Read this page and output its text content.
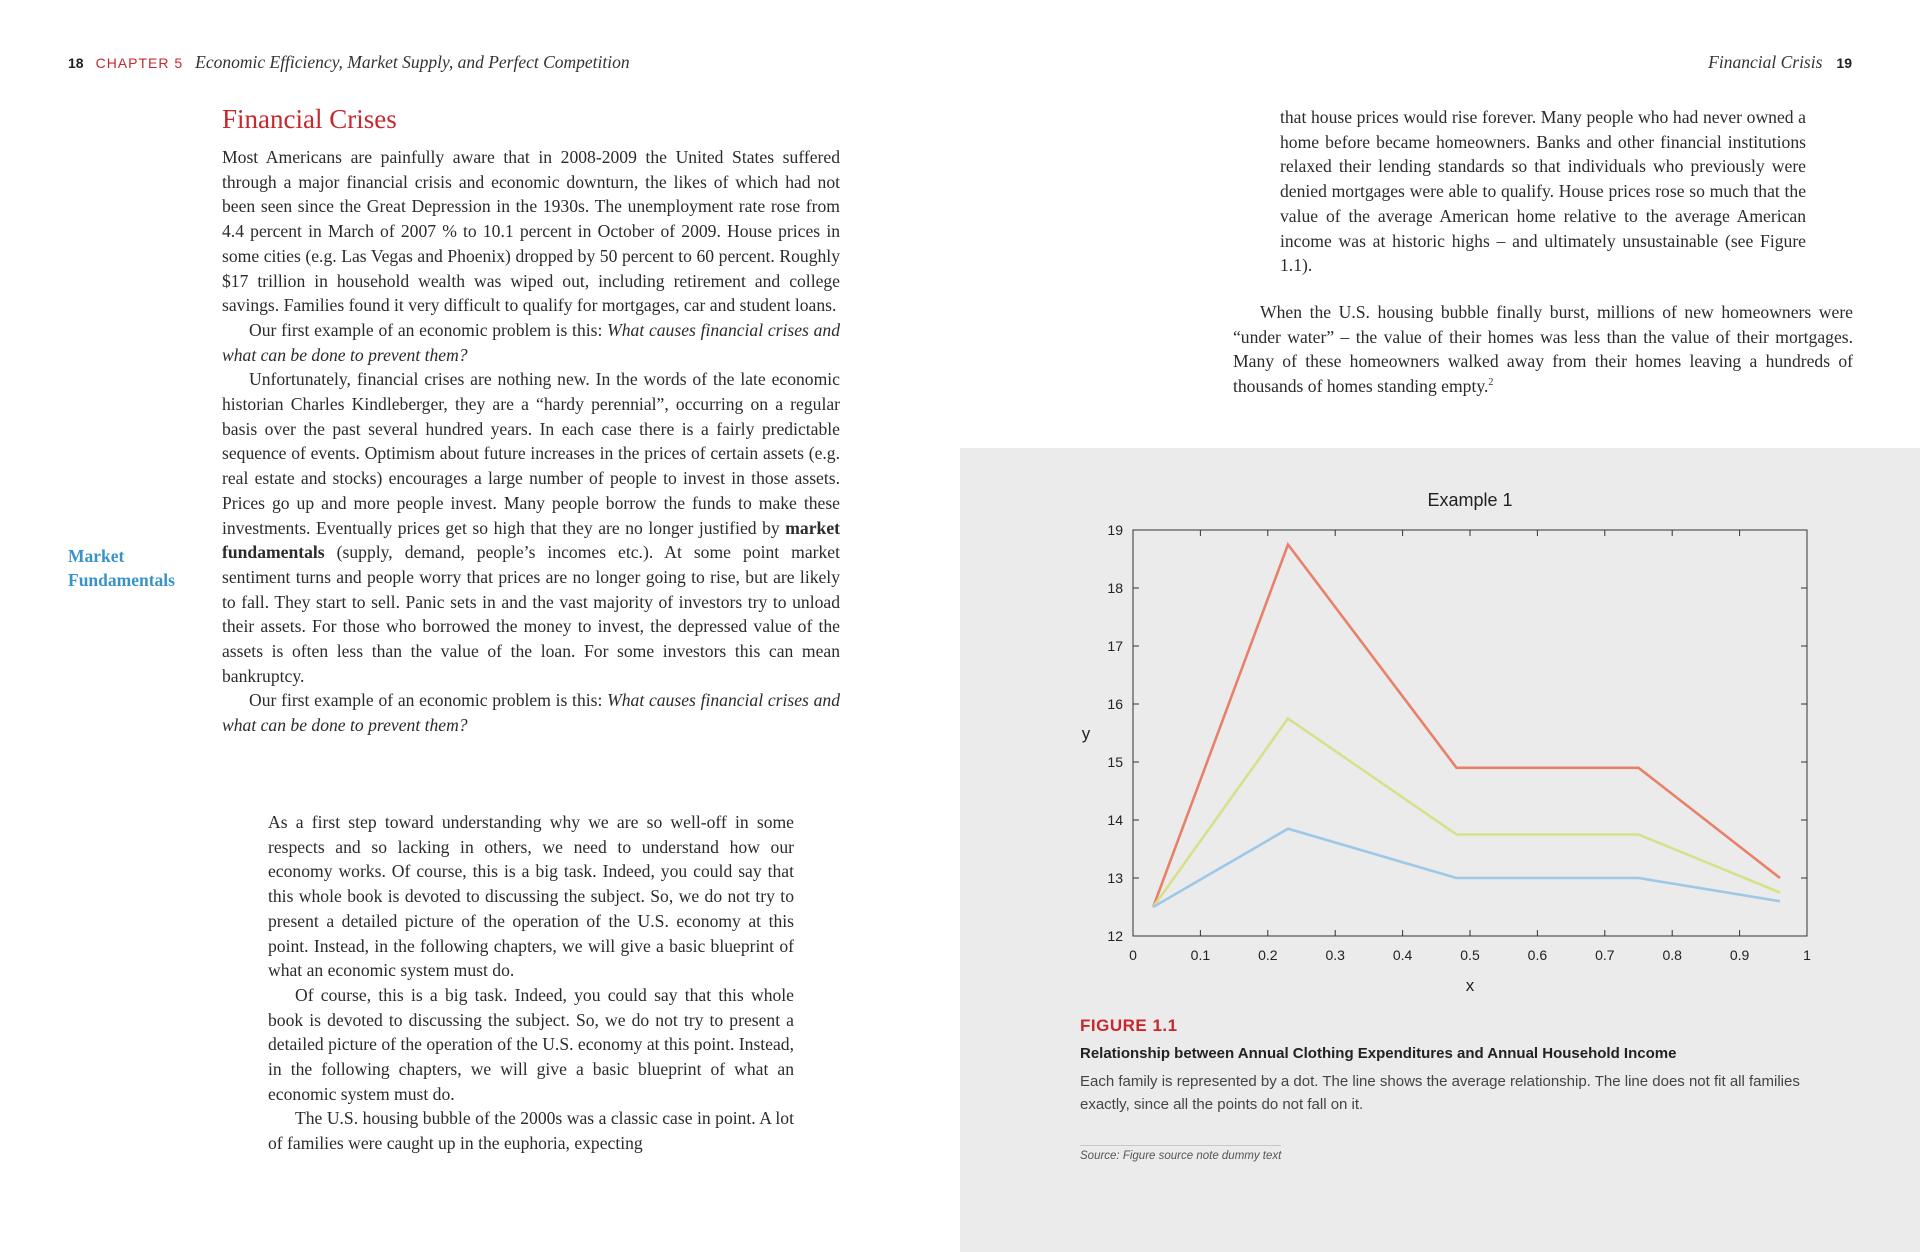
18 CHAPTER 5 Economic Efficiency, Market Supply, and Perfect Competition	Financial Crisis 19
Financial Crises

Most Americans are painfully aware that in 2008-2009 the United States suffered through a major financial crisis and economic downturn, the likes of which had not been seen since the Great Depression in the 1930s. The unemployment rate rose from 4.4 percent in March of 2007 % to 10.1 percent in October of 2009. House prices in some cities (e.g. Las Vegas and Phoenix) dropped by 50 percent to 60 percent. Roughly $17 trillion in household wealth was wiped out, including retirement and college savings. Families found it very difficult to qualify for mortgages, car and student loans.

Our first example of an economic problem is this: What causes financial crises and what can be done to prevent them?

Unfortunately, financial crises are nothing new. In the words of the late economic historian Charles Kindleberger, they are a “hardy perennial”, occurring on a regular basis over the past several hundred years. In each case there is a fairly predictable sequence of events. Optimism about future increases in the prices of certain assets (e.g. real estate and stocks) encourages a large number of people to invest in those assets. Prices go up and more people invest. Many people borrow the funds to make these investments. Eventually prices get so high that they are no longer justified by market fundamentals (supply, demand, people’s incomes etc.). At some point market sentiment turns and people worry that prices are no longer going to rise, but are likely to fall. They start to sell. Panic sets in and the vast majority of investors try to unload their assets. For those who borrowed the money to invest, the depressed value of the assets is often less than the value of the loan. For some investors this can mean bankruptcy.

Our first example of an economic problem is this: What causes financial crises and what can be done to prevent them?

Market Fundamentals

As a first step toward understanding why we are so well-off in some respects and so lacking in others, we need to understand how our economy works. Of course, this is a big task. Indeed, you could say that this whole book is devoted to discussing the subject. So, we do not try to present a detailed picture of the operation of the U.S. economy at this point. Instead, in the following chapters, we will give a basic blueprint of what an economic system must do.

Of course, this is a big task. Indeed, you could say that this whole book is devoted to discussing the subject. So, we do not try to present a detailed picture of the operation of the U.S. economy at this point. Instead, in the following chapters, we will give a basic blueprint of what an economic system must do.

The U.S. housing bubble of the 2000s was a classic case in point. A lot of families were caught up in the euphoria, expecting

that house prices would rise forever. Many people who had never owned a home before became homeowners. Banks and other financial institutions relaxed their lending standards so that individuals who previously were denied mortgages were able to qualify. House prices rose so much that the value of the average American home relative to the average American income was at historic highs – and ultimately unsustainable (see Figure 1.1).

When the U.S. housing bubble finally burst, millions of new homeowners were “under water” – the value of their homes was less than the value of their mortgages. Many of these homeowners walked away from their homes leaving a hundreds of thousands of homes standing empty.$^2$

0	0.1	0.2	0.3	0.4	0.5	0.6	0.7	0.8	0.9	1
12
13
14
15
16
17
18
19
Example 1
x
y
FIGURE 1.1
Relationship between Annual Clothing Expenditures and Annual Household Income
Each family is represented by a dot. The line shows the average relationship. The line does not fit all families exactly, since all the points do not fall on it.
Source: Figure source note dummy text
